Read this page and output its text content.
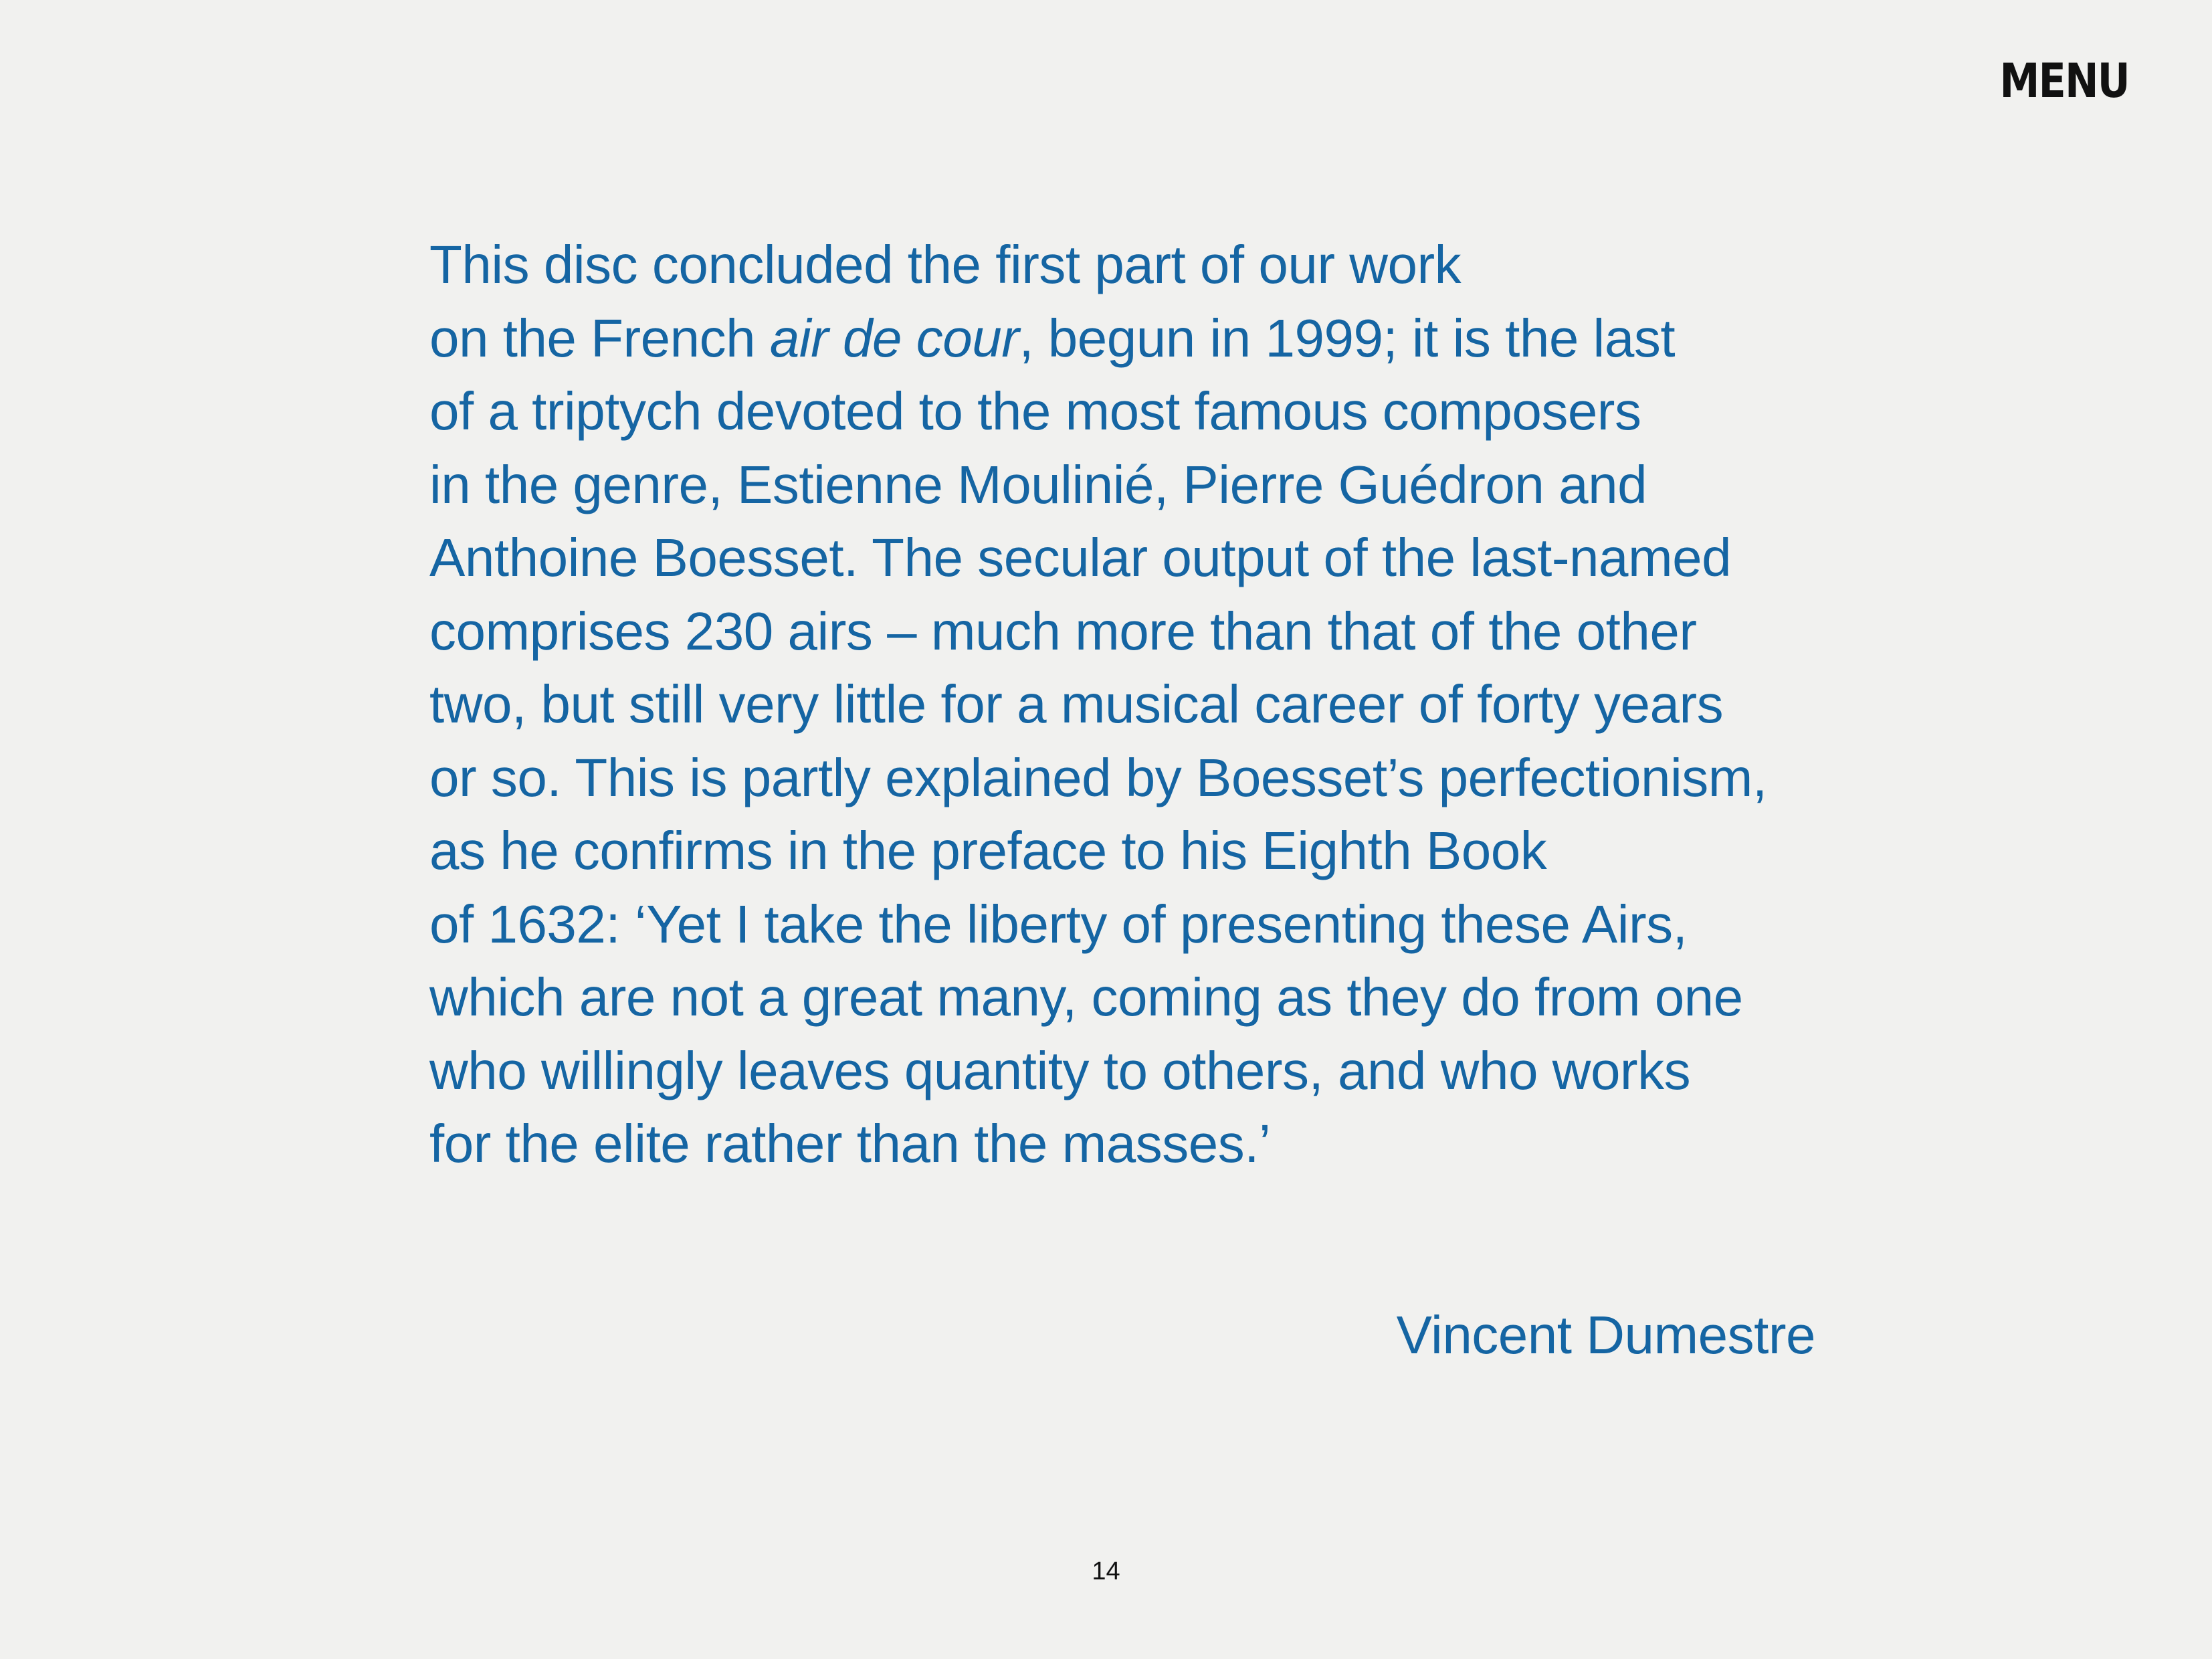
MENU
This disc concluded the first part of our work
on the French air de cour, begun in 1999; it is the last
of a triptych devoted to the most famous composers
in the genre, Estienne Moulinié, Pierre Guédron and
Anthoine Boesset. The secular output of the last-named
comprises 230 airs – much more than that of the other
two, but still very little for a musical career of forty years
or so. This is partly explained by Boesset’s perfectionism,
as he confirms in the preface to his Eighth Book
of 1632: ‘Yet I take the liberty of presenting these Airs,
which are not a great many, coming as they do from one
who willingly leaves quantity to others, and who works
for the elite rather than the masses.’
Vincent Dumestre
14
